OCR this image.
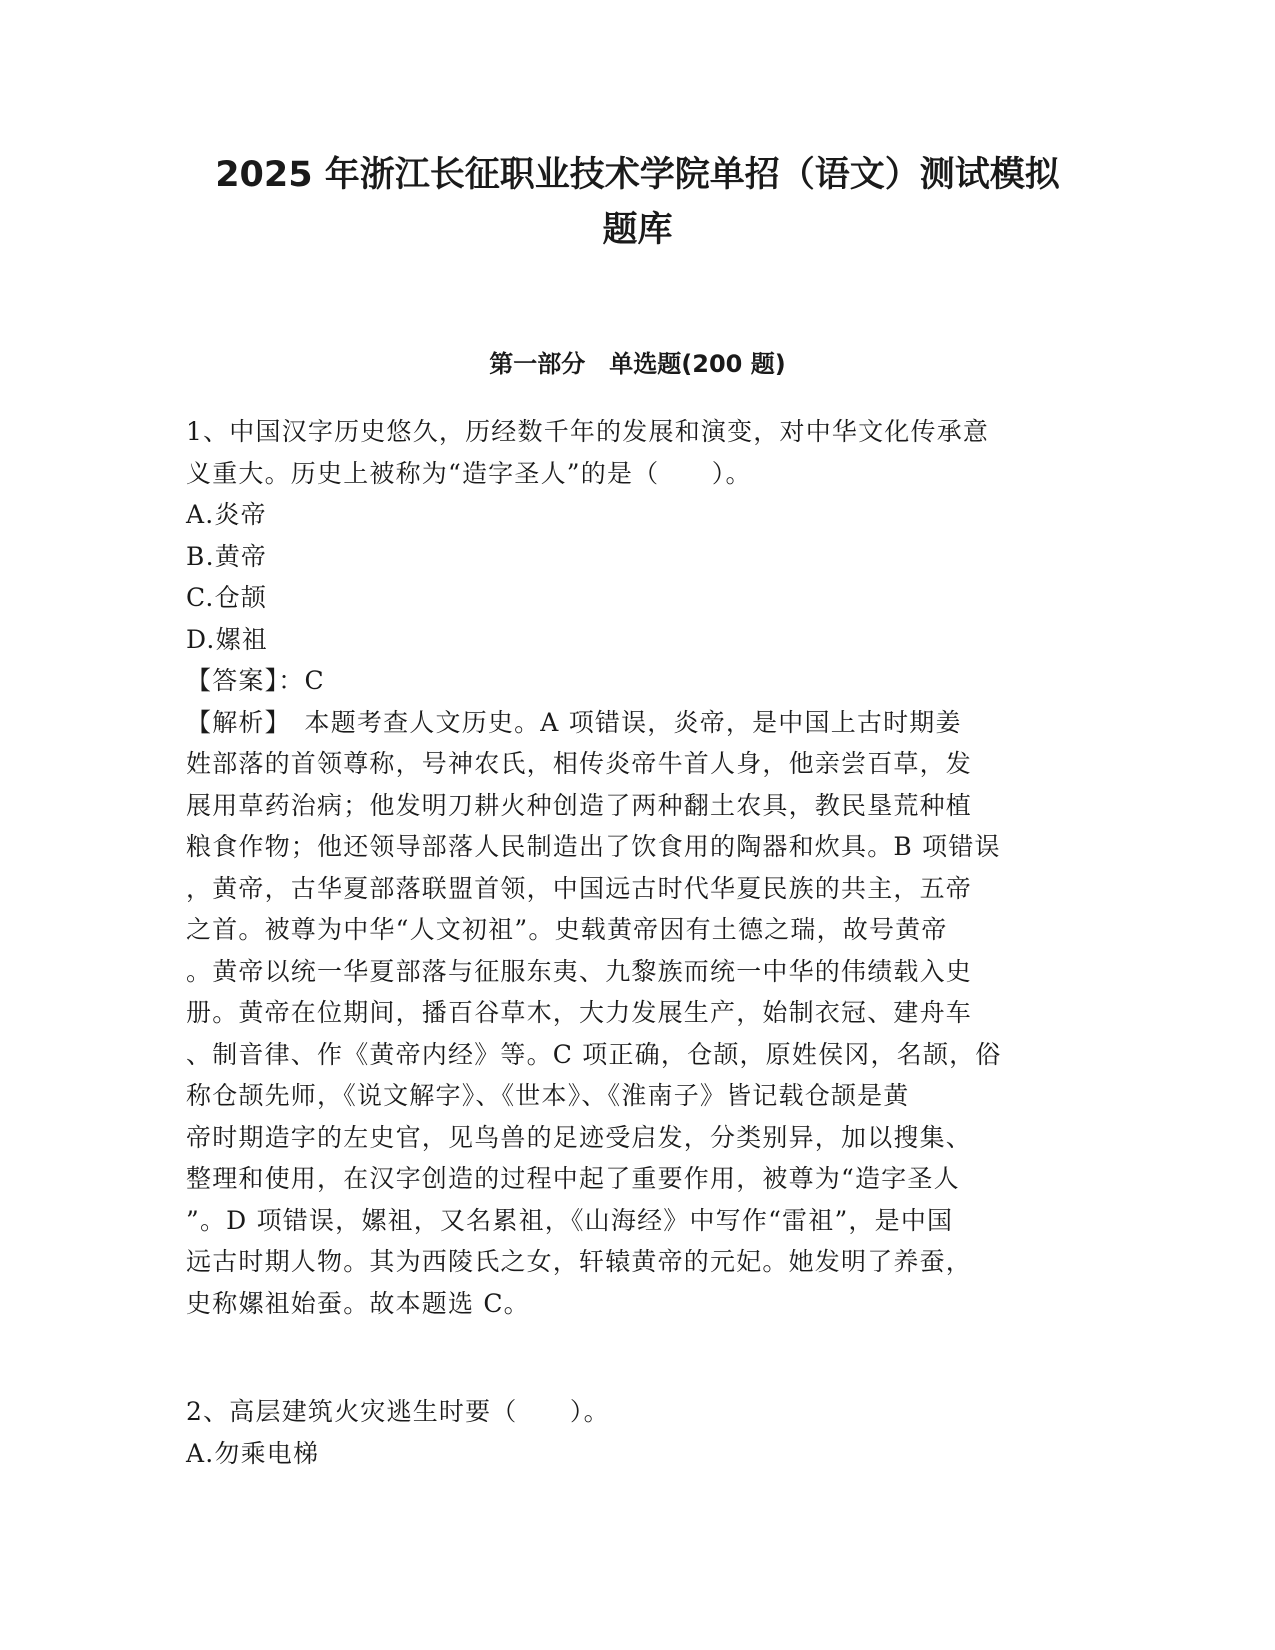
2025 年浙江长征职业技术学院单招（语文）测试模拟
题库
第一部分　单选题(200 题)

1、中国汉字历史悠久，历经数千年的发展和演变，对中华文化传承意

义重大。历史上被称为“造字圣人”的是（　　）。

A.炎帝

B.黄帝

C.仓颉

D.嫘祖

【答案】：C

【解析】　本题考查人文历史。A 项错误，炎帝，是中国上古时期姜

姓部落的首领尊称，号神农氏，相传炎帝牛首人身，他亲尝百草，发

展用草药治病；他发明刀耕火种创造了两种翻土农具，教民垦荒种植

粮食作物；他还领导部落人民制造出了饮食用的陶器和炊具。B 项错误

，黄帝，古华夏部落联盟首领，中国远古时代华夏民族的共主，五帝

之首。被尊为中华“人文初祖”。史载黄帝因有土德之瑞，故号黄帝

。黄帝以统一华夏部落与征服东夷、九黎族而统一中华的伟绩载入史

册。黄帝在位期间，播百谷草木，大力发展生产，始制衣冠、建舟车

、制音律、作《黄帝内经》等。C 项正确，仓颉，原姓侯冈，名颉，俗

称仓颉先师，《说文解字》、《世本》、《淮南子》皆记载仓颉是黄

帝时期造字的左史官，见鸟兽的足迹受启发，分类别异，加以搜集、

整理和使用，在汉字创造的过程中起了重要作用，被尊为“造字圣人

”。D 项错误，嫘祖，又名累祖，《山海经》中写作“雷祖”，是中国

远古时期人物。其为西陵氏之女，轩辕黄帝的元妃。她发明了养蚕，

史称嫘祖始蚕。故本题选 C。

2、高层建筑火灾逃生时要（　　）。

A.勿乘电梯
